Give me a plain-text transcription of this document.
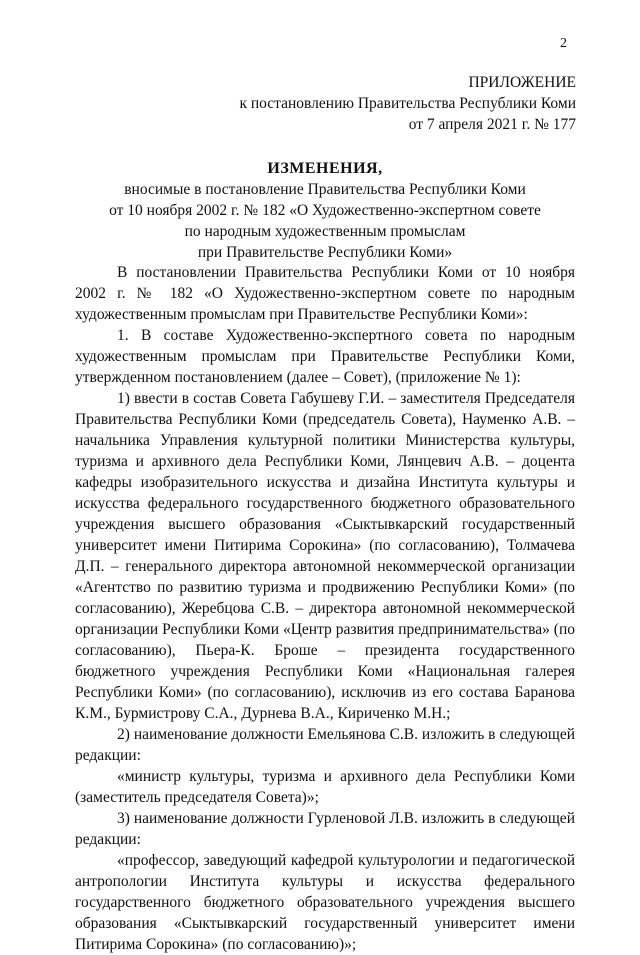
2
ПРИЛОЖЕНИЕ
к постановлению Правительства Республики Коми
от 7 апреля 2021 г. № 177
ИЗМЕНЕНИЯ,
вносимые в постановление Правительства Республики Коми
от 10 ноября 2002 г. № 182 «О Художественно-экспертном совете
по народным художественным промыслам
при Правительстве Республики Коми»

В постановлении Правительства Республики Коми от 10 ноября 2002 г. № 182 «О Художественно-экспертном совете по народным художественным промыслам при Правительстве Республики Коми»:

1. В составе Художественно-экспертного совета по народным художественным промыслам при Правительстве Республики Коми, утвержденном постановлением (далее – Совет), (приложение № 1):

1) ввести в состав Совета Габушеву Г.И. – заместителя Председателя Правительства Республики Коми (председатель Совета), Науменко А.В. – начальника Управления культурной политики Министерства культуры, туризма и архивного дела Республики Коми, Лянцевич А.В. – доцента кафедры изобразительного искусства и дизайна Института культуры и искусства федерального государственного бюджетного образовательного учреждения высшего образования «Сыктывкарский государственный университет имени Питирима Сорокина» (по согласованию), Толмачева Д.П. – генерального директора автономной некоммерческой организации «Агентство по развитию туризма и продвижению Республики Коми» (по согласованию), Жеребцова С.В. – директора автономной некоммерческой организации Республики Коми «Центр развития предпринимательства» (по согласованию), Пьера-К. Броше – президента государственного бюджетного учреждения Республики Коми «Национальная галерея Республики Коми» (по согласованию), исключив из его состава Баранова К.М., Бурмистрову С.А., Дурнева В.А., Кириченко М.Н.;

2) наименование должности Емельянова С.В. изложить в следующей редакции:

«министр культуры, туризма и архивного дела Республики Коми (заместитель председателя Совета)»;

3) наименование должности Гурленовой Л.В. изложить в следующей редакции:

«профессор, заведующий кафедрой культурологии и педагогической антропологии Института культуры и искусства федерального государственного бюджетного образовательного учреждения высшего образования «Сыктывкарский государственный университет имени Питирима Сорокина» (по согласованию)»;
